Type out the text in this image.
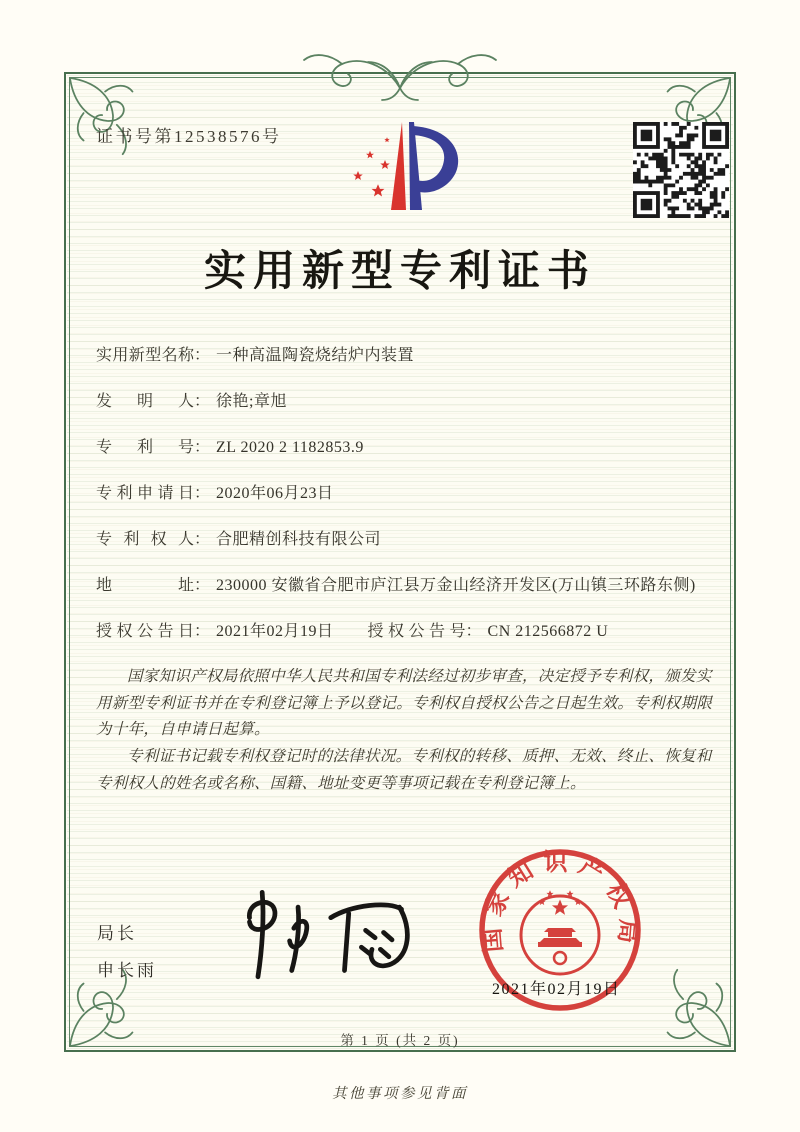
证书号第12538576号
实用新型专利证书
实用新型名称 ： 一种高温陶瓷烧结炉内装置
发明人 ： 徐艳;章旭
专利号 ： ZL 2020 2 1182853.9
专利申请日 ： 2020年06月23日
专利权人 ： 合肥精创科技有限公司
地址 ： 230000 安徽省合肥市庐江县万金山经济开发区(万山镇三环路东侧)
授权公告日 ： 2021年02月19日 授权公告号 ： CN 212566872 U

国家知识产权局依照中华人民共和国专利法经过初步审查，决定授予专利权，颁发实用新型专利证书并在专利登记簿上予以登记。专利权自授权公告之日起生效。专利权期限为十年，自申请日起算。

专利证书记载专利权登记时的法律状况。专利权的转移、质押、无效、终止、恢复和专利权人的姓名或名称、国籍、地址变更等事项记载在专利登记簿上。

局长
申长雨
国家知识产权局
2021年02月19日
第 1 页 (共 2 页)
其他事项参见背面
